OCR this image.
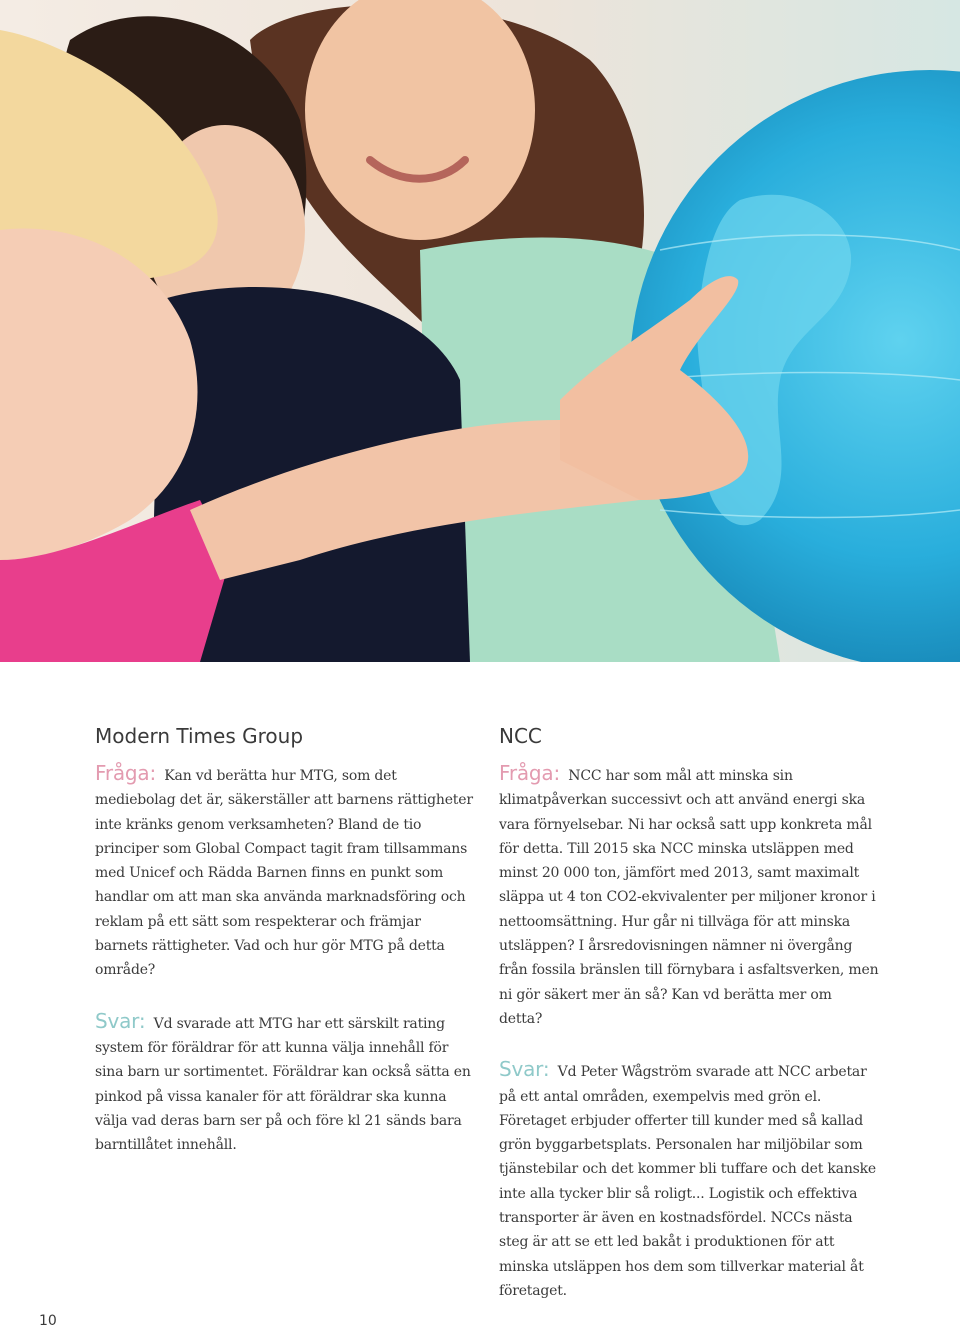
Modern Times Group

Fråga: Kan vd berätta hur MTG, som det mediebolag det är, säkerställer att barnens rättigheter inte kränks genom verksamheten? Bland de tio principer som Global Compact tagit fram tillsammans med Unicef och Rädda Barnen finns en punkt som handlar om att man ska använda marknadsföring och reklam på ett sätt som respekterar och främjar barnets rättigheter. Vad och hur gör MTG på detta område?

Svar: Vd svarade att MTG har ett särskilt rating system för föräldrar för att kunna välja innehåll för sina barn ur sortimentet. Föräldrar kan också sätta en pinkod på vissa kanaler för att föräldrar ska kunna välja vad deras barn ser på och före kl 21 sänds bara barntillåtet innehåll.

NCC

Fråga: NCC har som mål att minska sin klimatpåverkan successivt och att använd energi ska vara förnyelsebar. Ni har också satt upp konkreta mål för detta. Till 2015 ska NCC minska utsläppen med minst 20 000 ton, jämfört med 2013, samt maximalt släppa ut 4 ton CO2-ekvivalenter per miljoner kronor i nettoomsättning. Hur går ni tillväga för att minska utsläppen? I årsredovisningen nämner ni övergång från fossila bränslen till förnybara i asfaltsverken, men ni gör säkert mer än så? Kan vd berätta mer om detta?

Svar: Vd Peter Wågström svarade att NCC arbetar på ett antal områden, exempelvis med grön el. Företaget erbjuder offerter till kunder med så kallad grön byggarbetsplats. Personalen har miljöbilar som tjänstebilar och det kommer bli tuffare och det kanske inte alla tycker blir så roligt... Logistik och effektiva transporter är även en kostnadsfördel. NCCs nästa steg är att se ett led bakåt i produktionen för att minska utsläppen hos dem som tillverkar material åt företaget.

10
